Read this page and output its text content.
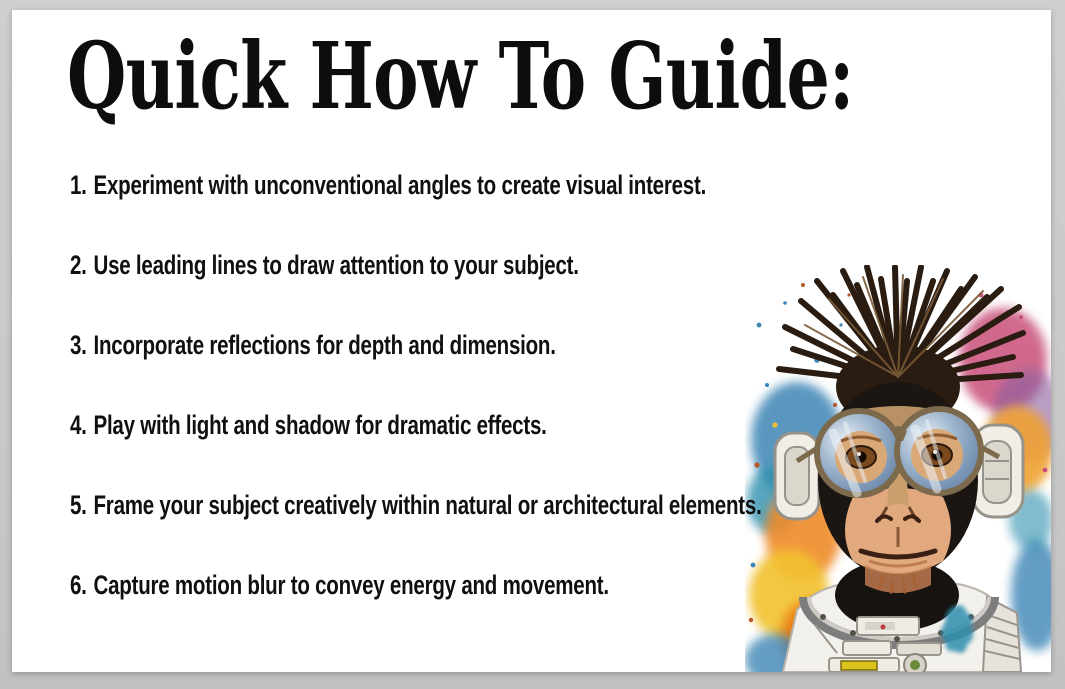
Quick How To Guide:
1. Experiment with unconventional angles to create visual interest.
2. Use leading lines to draw attention to your subject.
3. Incorporate reflections for depth and dimension.
4. Play with light and shadow for dramatic effects.
5. Frame your subject creatively within natural or architectural elements.
6. Capture motion blur to convey energy and movement.
